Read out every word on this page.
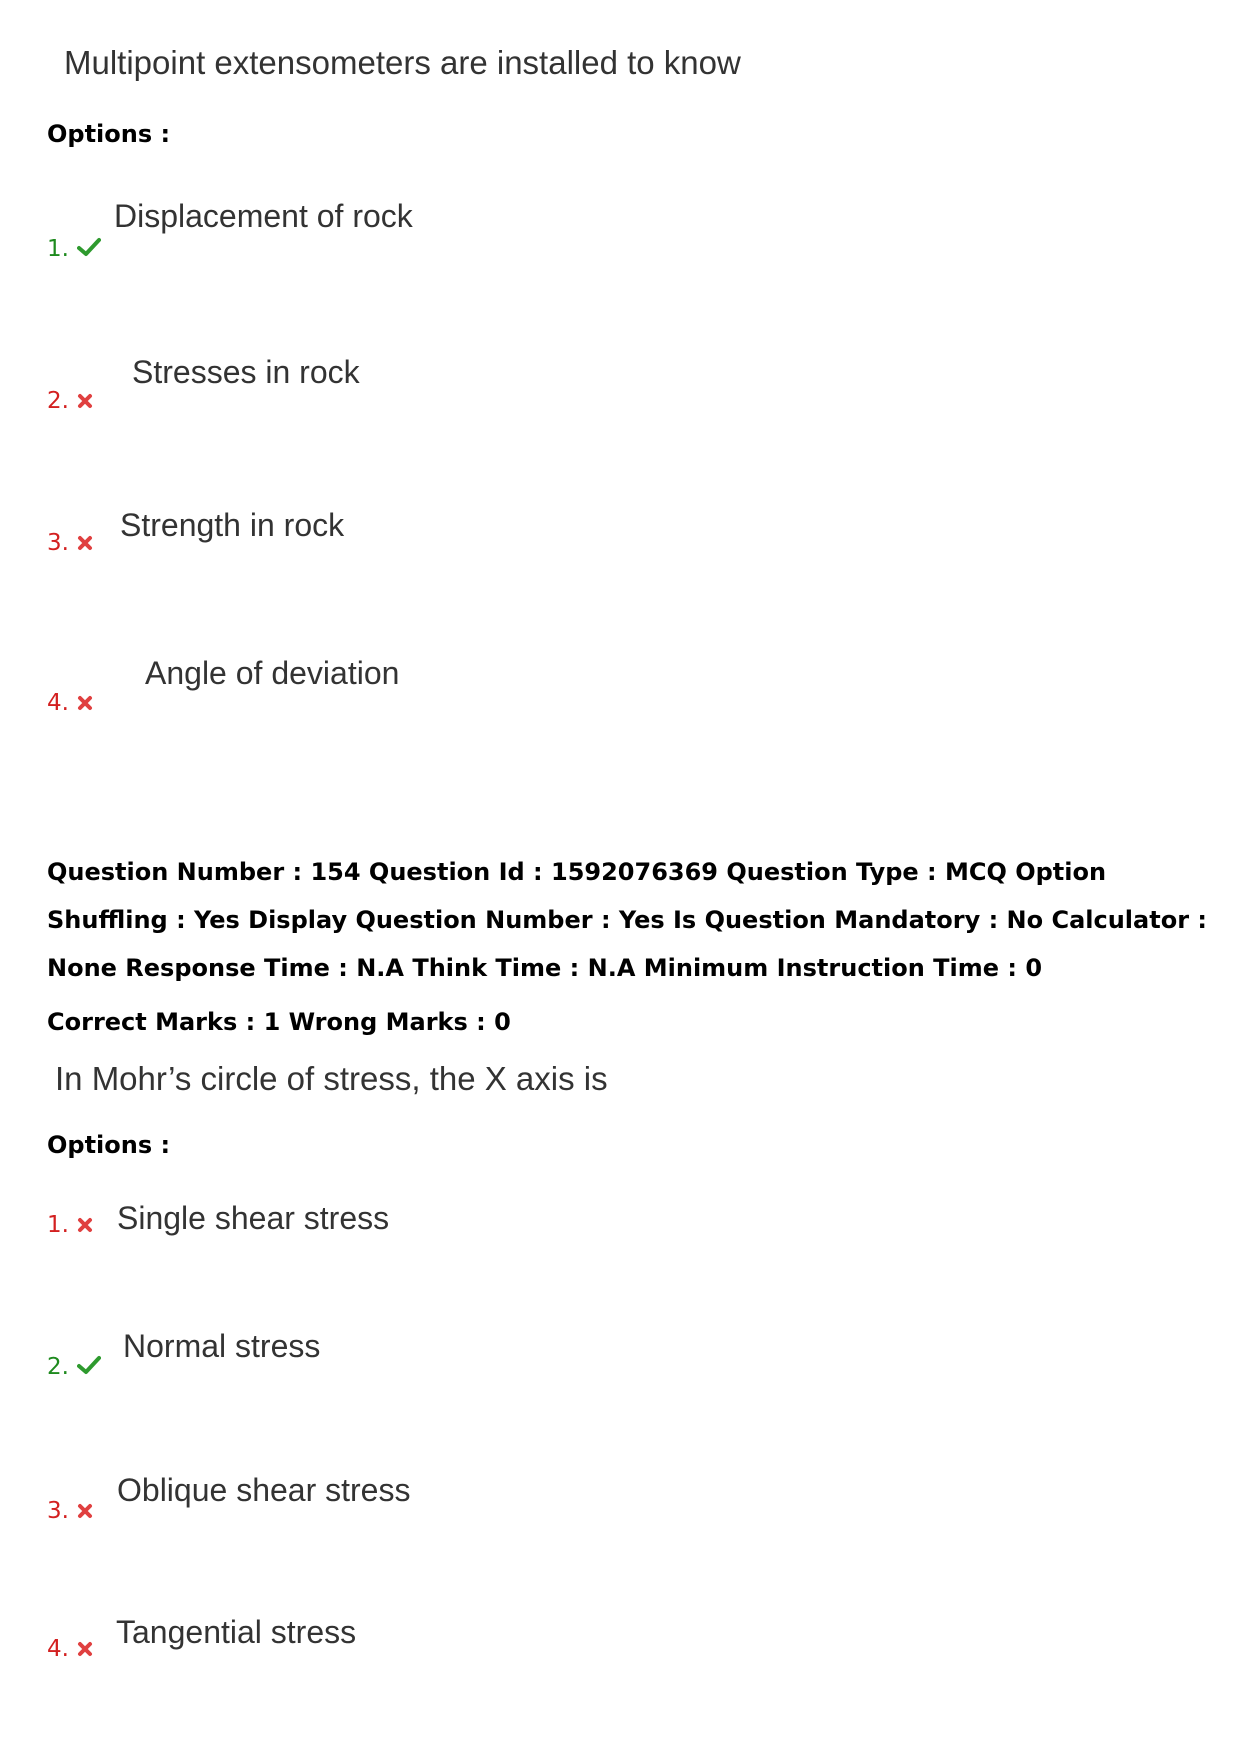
Multipoint extensometers are installed to know
Options :
1.
Displacement of rock
2.
Stresses in rock
3.	Strength in rock
4.
Angle of deviation
Question Number : 154 Question Id : 1592076369 Question Type : MCQ Option Shuffling : Yes Display Question Number : Yes Is Question Mandatory : No Calculator : None Response Time : N.A Think Time : N.A Minimum Instruction Time : 0
Correct Marks : 1 Wrong Marks : 0
In Mohr’s circle of stress, the X axis is
Options :
1.	Single shear stress
2.
Normal stress
3.
Oblique shear stress
4.	Tangential stress
